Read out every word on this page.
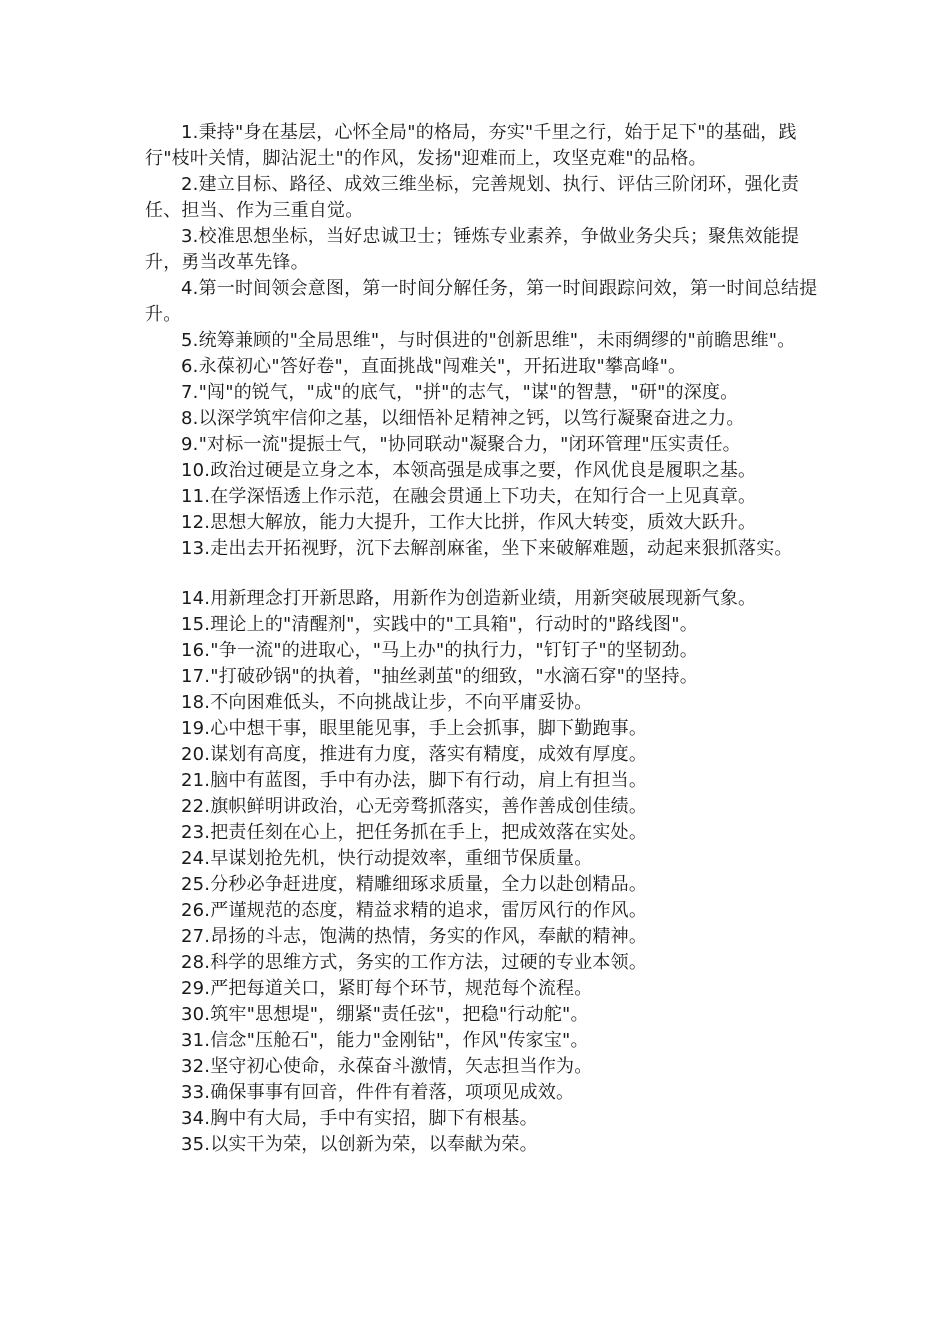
1.秉持"身在基层，心怀全局"的格局，夯实"千里之行，始于足下"的基础，践行"枝叶关情，脚沾泥土"的作风，发扬"迎难而上，攻坚克难"的品格。

2.建立目标、路径、成效三维坐标，完善规划、执行、评估三阶闭环，强化责任、担当、作为三重自觉。

3.校准思想坐标，当好忠诚卫士；锤炼专业素养，争做业务尖兵；聚焦效能提升，勇当改革先锋。

4.第一时间领会意图，第一时间分解任务，第一时间跟踪问效，第一时间总结提升。

5.统筹兼顾的"全局思维"，与时俱进的"创新思维"，未雨绸缪的"前瞻思维"。

6.永葆初心"答好卷"，直面挑战"闯难关"，开拓进取"攀高峰"。

7."闯"的锐气，"成"的底气，"拼"的志气，"谋"的智慧，"研"的深度。

8.以深学筑牢信仰之基，以细悟补足精神之钙，以笃行凝聚奋进之力。

9."对标一流"提振士气，"协同联动"凝聚合力，"闭环管理"压实责任。

10.政治过硬是立身之本，本领高强是成事之要，作风优良是履职之基。

11.在学深悟透上作示范，在融会贯通上下功夫，在知行合一上见真章。

12.思想大解放，能力大提升，工作大比拼，作风大转变，质效大跃升。

13.走出去开拓视野，沉下去解剖麻雀，坐下来破解难题，动起来狠抓落实。

14.用新理念打开新思路，用新作为创造新业绩，用新突破展现新气象。

15.理论上的"清醒剂"，实践中的"工具箱"，行动时的"路线图"。

16."争一流"的进取心，"马上办"的执行力，"钉钉子"的坚韧劲。

17."打破砂锅"的执着，"抽丝剥茧"的细致，"水滴石穿"的坚持。

18.不向困难低头，不向挑战让步，不向平庸妥协。

19.心中想干事，眼里能见事，手上会抓事，脚下勤跑事。

20.谋划有高度，推进有力度，落实有精度，成效有厚度。

21.脑中有蓝图，手中有办法，脚下有行动，肩上有担当。

22.旗帜鲜明讲政治，心无旁骛抓落实，善作善成创佳绩。

23.把责任刻在心上，把任务抓在手上，把成效落在实处。

24.早谋划抢先机，快行动提效率，重细节保质量。

25.分秒必争赶进度，精雕细琢求质量，全力以赴创精品。

26.严谨规范的态度，精益求精的追求，雷厉风行的作风。

27.昂扬的斗志，饱满的热情，务实的作风，奉献的精神。

28.科学的思维方式，务实的工作方法，过硬的专业本领。

29.严把每道关口，紧盯每个环节，规范每个流程。

30.筑牢"思想堤"，绷紧"责任弦"，把稳"行动舵"。

31.信念"压舱石"，能力"金刚钻"，作风"传家宝"。

32.坚守初心使命，永葆奋斗激情，矢志担当作为。

33.确保事事有回音，件件有着落，项项见成效。

34.胸中有大局，手中有实招，脚下有根基。

35.以实干为荣，以创新为荣，以奉献为荣。
